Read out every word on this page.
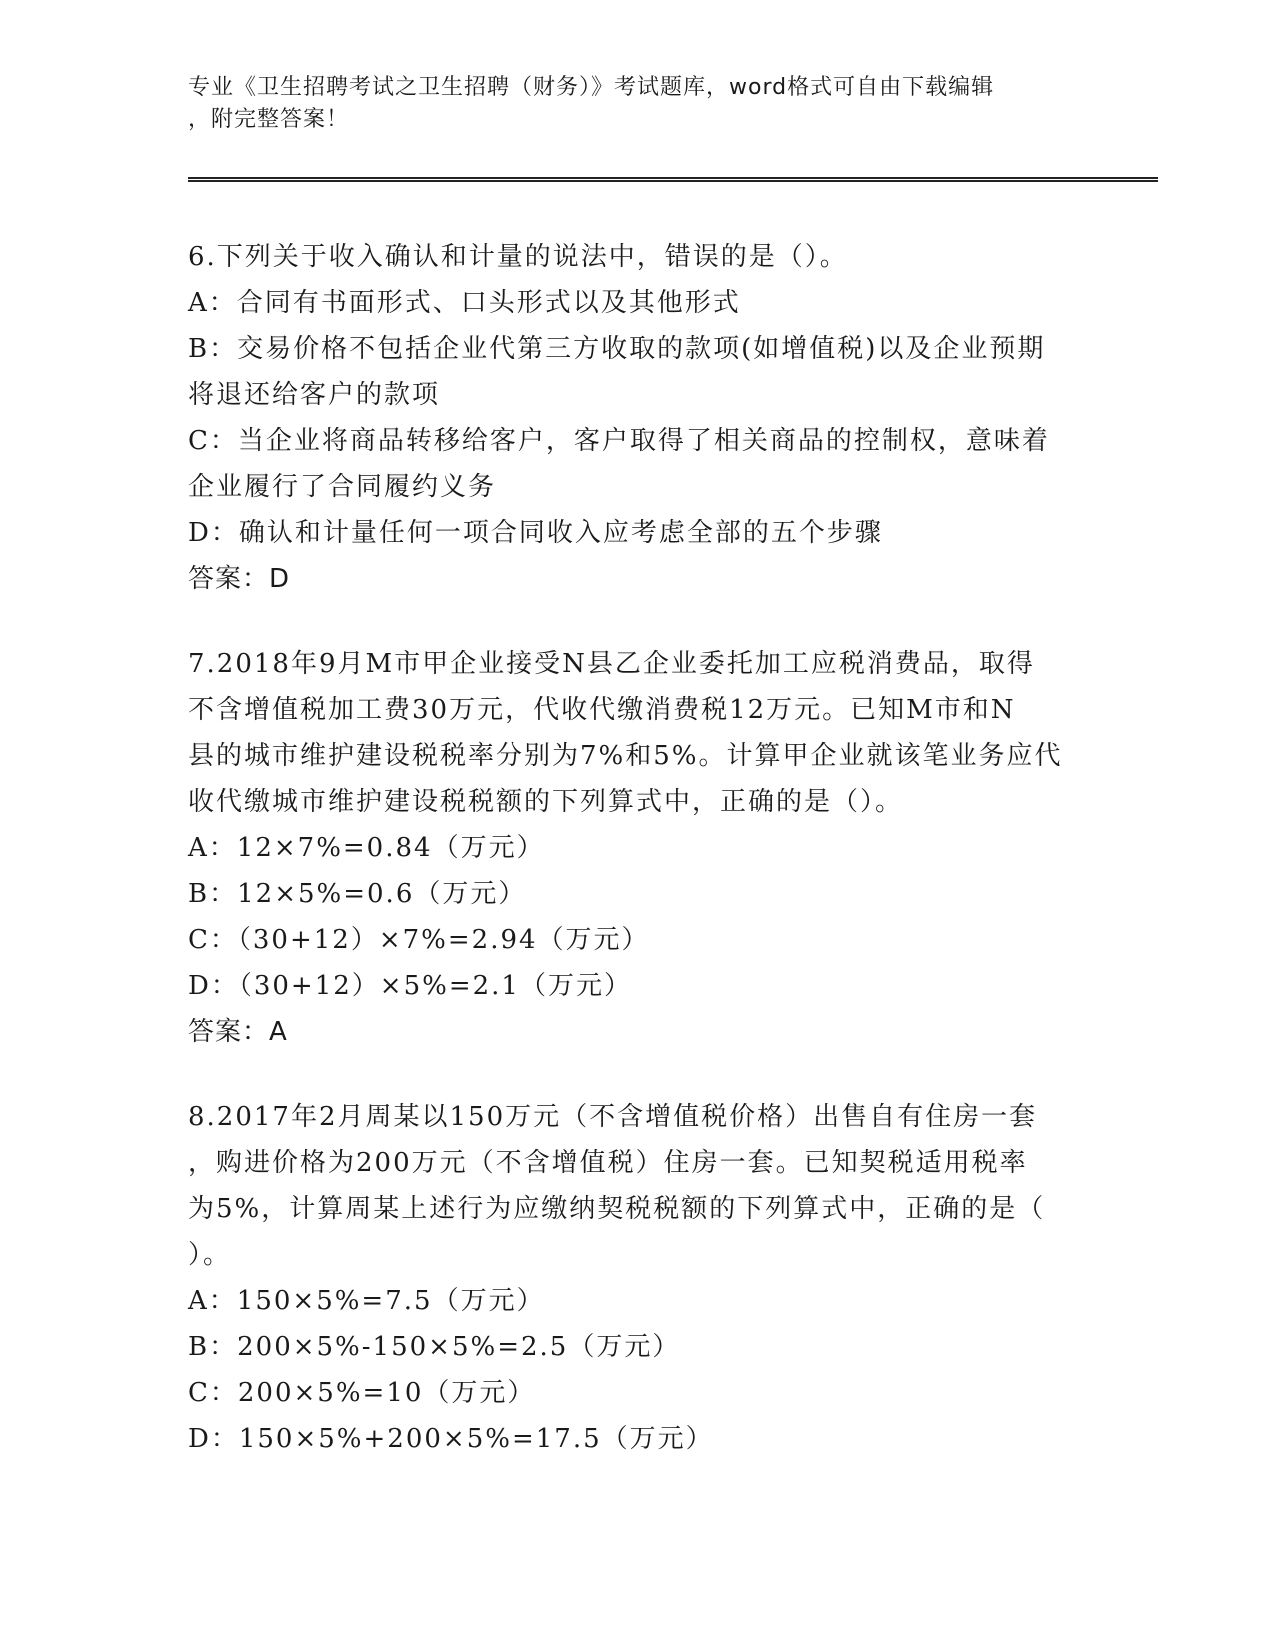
专业《卫生招聘考试之卫生招聘（财务）》考试题库，word格式可自由下载编辑
，附完整答案！
6.下列关于收入确认和计量的说法中，错误的是（）。
A：合同有书面形式、口头形式以及其他形式
B：交易价格不包括企业代第三方收取的款项(如增值税)以及企业预期
将退还给客户的款项
C：当企业将商品转移给客户，客户取得了相关商品的控制权，意味着
企业履行了合同履约义务
D：确认和计量任何一项合同收入应考虑全部的五个步骤
答案：D
7.2018年9月M市甲企业接受N县乙企业委托加工应税消费品，取得
不含增值税加工费30万元，代收代缴消费税12万元。已知M市和N
县的城市维护建设税税率分别为7%和5%。计算甲企业就该笔业务应代
收代缴城市维护建设税税额的下列算式中，正确的是（）。
A：12×7%=0.84（万元）
B：12×5%=0.6（万元）
C：（30+12）×7%=2.94（万元）
D：（30+12）×5%=2.1（万元）
答案：A
8.2017年2月周某以150万元（不含增值税价格）出售自有住房一套
，购进价格为200万元（不含增值税）住房一套。已知契税适用税率
为5%，计算周某上述行为应缴纳契税税额的下列算式中，正确的是（
）。
A：150×5%=7.5（万元）
B：200×5%-150×5%=2.5（万元）
C：200×5%=10（万元）
D：150×5%+200×5%=17.5（万元）
